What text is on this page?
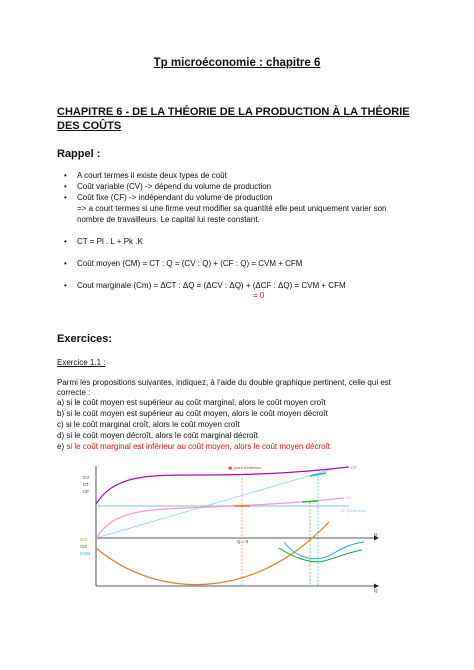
Tp microéconomie : chapitre 6
CHAPITRE 6 - DE LA THÉORIE DE LA PRODUCTION À LA THÉORIE DES COÛTS
Rappel :
• A court termes il existe deux types de coût
• Coût variable (CV) -> dépend du volume de production
• Coût fixe (CF) -> indépendant du volume de production
=> a court termes si une firme veut modifier sa quantité elle peut uniquement varier son
nombre de travailleurs. Le capital lui reste constant.
• CT = Pl . L + Pk .K
• Coût moyen (CM) = CT : Q = (CV : Q) + (CF : Q) = CVM + CFM
• Cout marginale (Cm) = ΔCT : ΔQ = (ΔCV : ΔQ) + (ΔCF : ΔQ) = CVM + CFM
= 0
Exercices:
Exercice 1.1 :
Parmi les propositions suivantes, indiquez, à l’aide du double graphique pertinent, celle qui est
correcte :
a) si le coût moyen est supérieur au coût marginal, alors le coût moyen croît
b) si le coût moyen est supérieur au coût moyen, alors le coût moyen décroît
c) si le coût marginal croît, alors le coût moyen croît
d) si le coût moyen décroît, alors le coût marginal décroît
e) si le coût marginal est inférieur au coût moyen, alors le coût moyen décroît
CV
CT
CF
CF (invariable)
CT
CV
✱ point d'inflexion
Q
Q
Cm
CM
CVM
Q = 0
